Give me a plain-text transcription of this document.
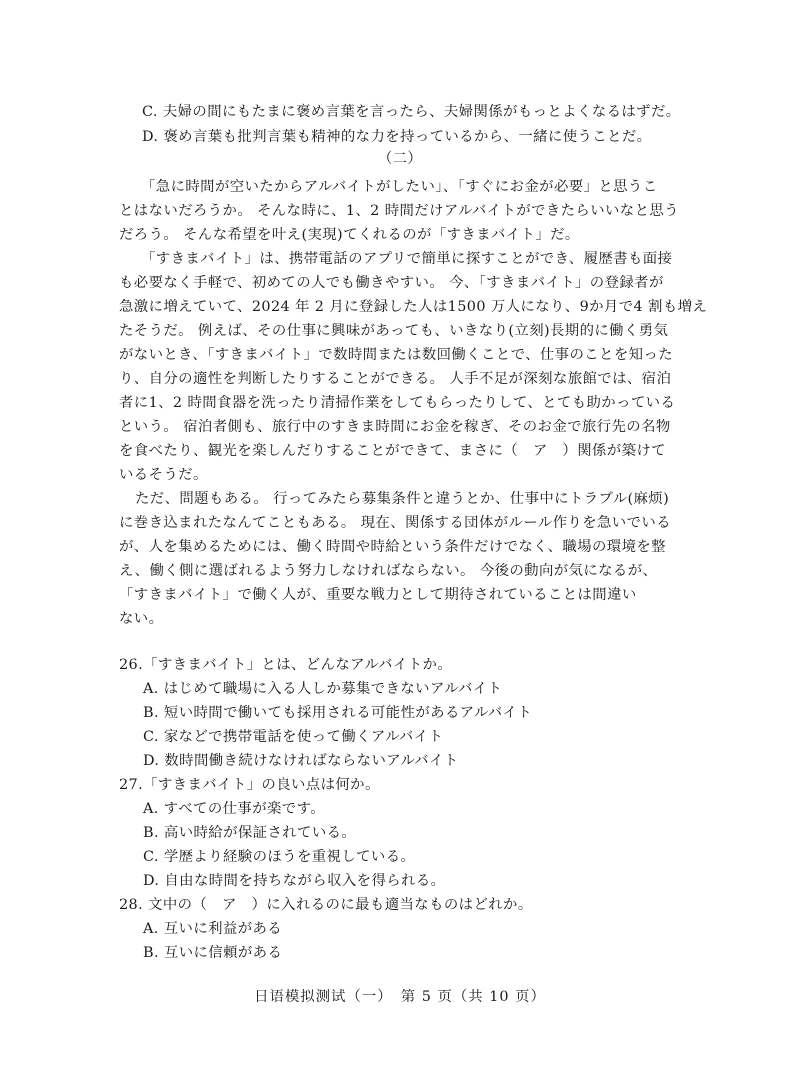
C. 夫婦の間にもたまに褒め言葉を言ったら、夫婦関係がもっとよくなるはずだ。
D. 褒め言葉も批判言葉も精神的な力を持っているから、一緒に使うことだ。
（二）
「急に時間が空いたからアルバイトがしたい」、「すぐにお金が必要」と思うこ
とはないだろうか。 そんな時に、1、2 時間だけアルバイトができたらいいなと思う
だろう。 そんな希望を叶え(実現)てくれるのが「すきまバイト」だ。
「すきまバイト」は、携帯電話のアプリで簡単に探すことができ、履歴書も面接
も必要なく手軽で、初めての人でも働きやすい。 今、「すきまバイト」の登録者が
急激に増えていて、2024 年 2 月に登録した人は1500 万人になり、9か月で4 割も増え
たそうだ。 例えば、その仕事に興味があっても、いきなり(立刻)長期的に働く勇気
がないとき、「すきまバイト」で数時間または数回働くことで、仕事のことを知った
り、自分の適性を判断したりすることができる。 人手不足が深刻な旅館では、宿泊
者に1、2 時間食器を洗ったり清掃作業をしてもらったりして、とても助かっている
という。 宿泊者側も、旅行中のすきま時間にお金を稼ぎ、そのお金で旅行先の名物
を食べたり、観光を楽しんだりすることができて、まさに（　ア　）関係が築けて
いるそうだ。
ただ、問題もある。 行ってみたら募集条件と違うとか、仕事中にトラブル(麻烦)
に巻き込まれたなんてこともある。 現在、関係する団体がルール作りを急いでいる
が、人を集めるためには、働く時間や時給という条件だけでなく、職場の環境を整
え、働く側に選ばれるよう努力しなければならない。 今後の動向が気になるが、
「すきまバイト」で働く人が、重要な戦力として期待されていることは間違い
ない。
26.「すきまバイト」とは、どんなアルバイトか。
A. はじめて職場に入る人しか募集できないアルバイト
B. 短い時間で働いても採用される可能性があるアルバイト
C. 家などで携帯電話を使って働くアルバイト
D. 数時間働き続けなければならないアルバイト
27.「すきまバイト」の良い点は何か。
A. すべての仕事が楽です。
B. 高い時給が保証されている。
C. 学歴より経験のほうを重視している。
D. 自由な時間を持ちながら収入を得られる。
28. 文中の（　ア　）に入れるのに最も適当なものはどれか。
A. 互いに利益がある
B. 互いに信頼がある
日语模拟测试（一）　第 5 页（共 10 页）
